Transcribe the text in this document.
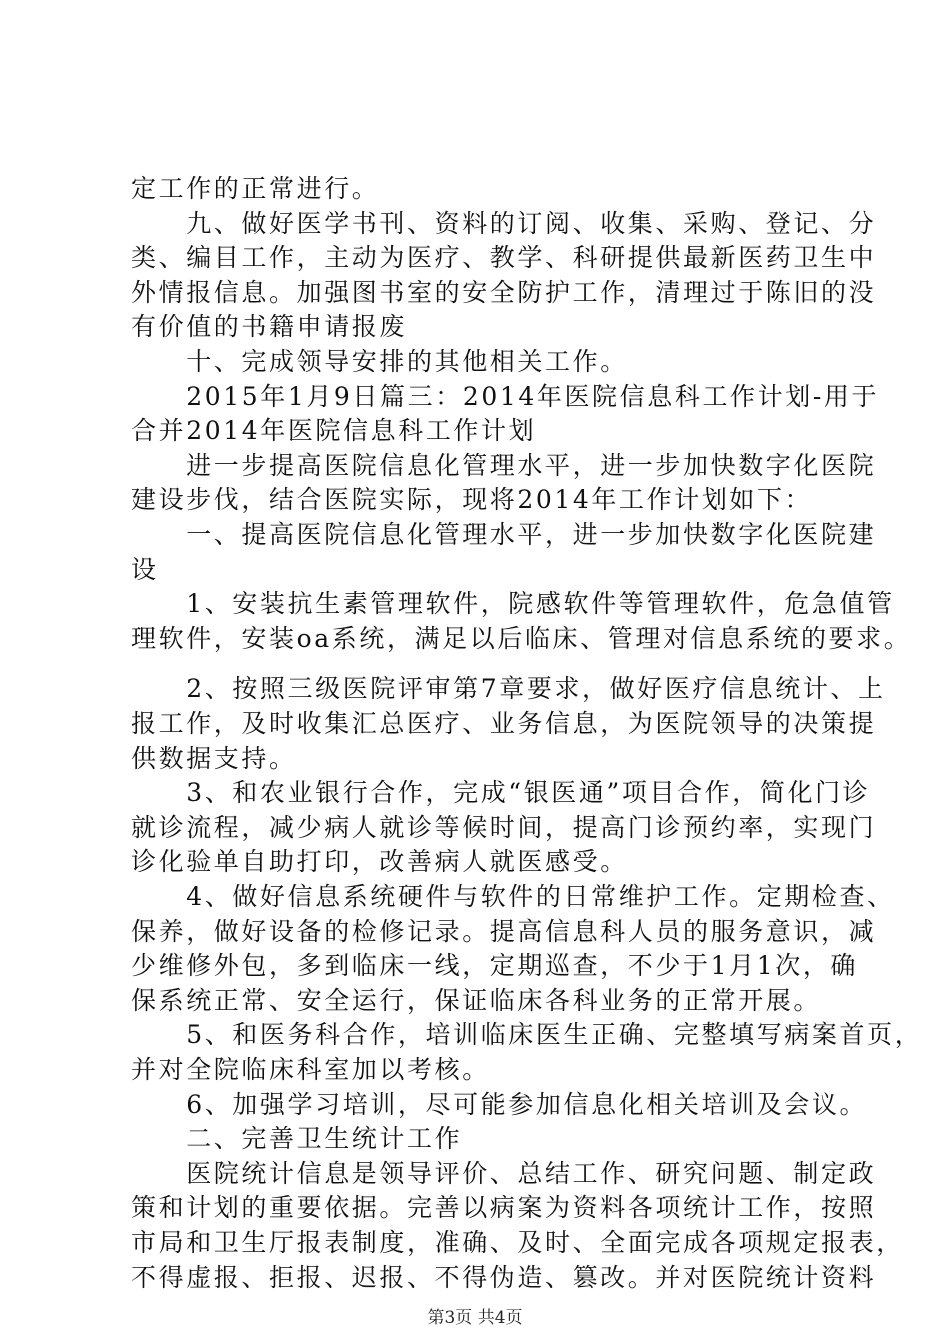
定工作的正常进行。
　　九、做好医学书刊、资料的订阅、收集、采购、登记、分
类、编目工作，主动为医疗、教学、科研提供最新医药卫生中
外情报信息。加强图书室的安全防护工作，清理过于陈旧的没
有价值的书籍申请报废
　　十、完成领导安排的其他相关工作。
　　2015年1月9日篇三：2014年医院信息科工作计划-用于
合并2014年医院信息科工作计划
　　进一步提高医院信息化管理水平，进一步加快数字化医院
建设步伐，结合医院实际，现将2014年工作计划如下：
　　一、提高医院信息化管理水平，进一步加快数字化医院建
设
　　1、安装抗生素管理软件，院感软件等管理软件，危急值管
理软件，安装oa系统，满足以后临床、管理对信息系统的要求。
　　2、按照三级医院评审第7章要求，做好医疗信息统计、上
报工作，及时收集汇总医疗、业务信息，为医院领导的决策提
供数据支持。
　　3、和农业银行合作，完成“银医通”项目合作，简化门诊
就诊流程，减少病人就诊等候时间，提高门诊预约率，实现门
诊化验单自助打印，改善病人就医感受。
　　4、做好信息系统硬件与软件的日常维护工作。定期检查、
保养，做好设备的检修记录。提高信息科人员的服务意识，减
少维修外包，多到临床一线，定期巡查，不少于1月1次，确
保系统正常、安全运行，保证临床各科业务的正常开展。
　　5、和医务科合作，培训临床医生正确、完整填写病案首页，
并对全院临床科室加以考核。
　　6、加强学习培训，尽可能参加信息化相关培训及会议。
　　二、完善卫生统计工作
　　医院统计信息是领导评价、总结工作、研究问题、制定政
策和计划的重要依据。完善以病案为资料各项统计工作，按照
市局和卫生厅报表制度，准确、及时、全面完成各项规定报表，
不得虚报、拒报、迟报、不得伪造、篡改。并对医院统计资料
第3页 共4页
